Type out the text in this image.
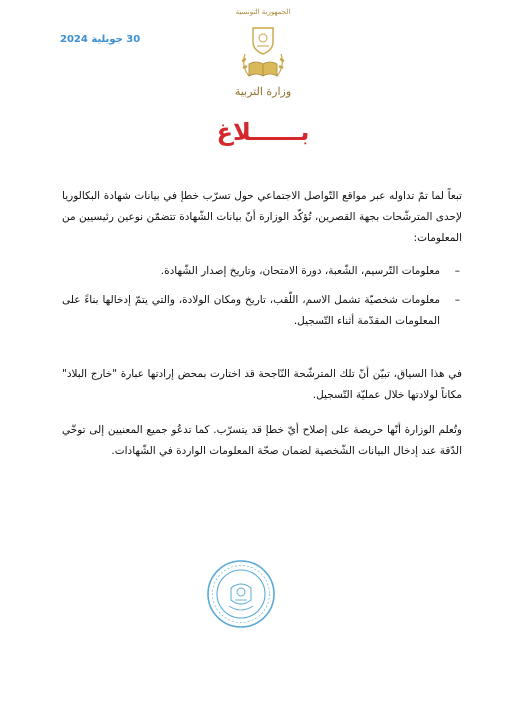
30 جويلية 2024
الجمهورية التونسية
وزارة التربية
بــــــلاغ

تبعاً لما تمّ تداوله عبر مواقع التّواصل الاجتماعي حول تسرّب خطإ في بيانات شهادة البكالوريا لإحدى المترشّحات بجهة القصرين، تُؤكّد الوزارة أنّ بيانات الشّهادة تتضمّن نوعين رئيسيين من المعلومات:

– معلومات التّرسيم، الشّعبة، دورة الامتحان، وتاريخ إصدار الشّهادة.
– معلومات شخصيّة تشمل الاسم، اللّقب، تاريخ ومكان الولادة، والتي يتمّ إدخالها بناءً على المعلومات المقدّمة أثناء التّسجيل.

في هذا السياق، تبيّن أنّ تلك المترشّحة النّاجحة قد اختارت بمحض إرادتها عبارة "خارج البلاد" مكاناً لولادتها خلال عمليّة التّسجيل.

وتُعلم الوزارة أنّها حريصة على إصلاح أيّ خطإ قد يتسرّب. كما تدعُو جميع المعنيين إلى توخّي الدّقة عند إدخال البيانات الشّخصية لضمان صحّة المعلومات الواردة في الشّهادات.
